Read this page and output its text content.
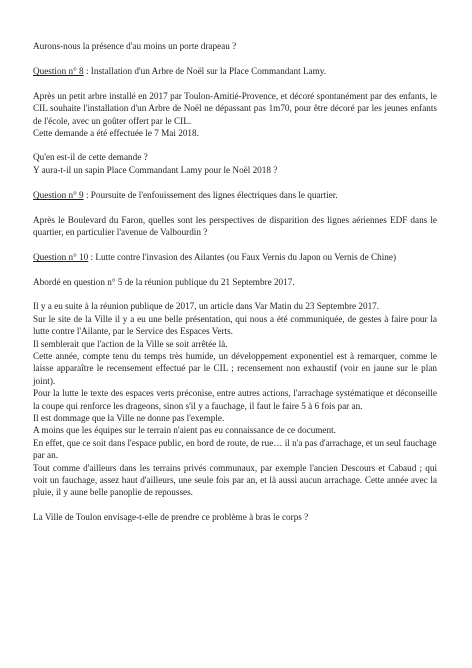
Aurons-nous la présence d'au moins un porte drapeau ?

Question n° 8 : Installation d'un Arbre de Noël sur la Place Commandant Lamy.

Après un petit arbre installé en 2017 par Toulon-Amitié-Provence, et décoré spontanément par des enfants, le CIL souhaite l'installation d'un Arbre de Noël ne dépassant pas 1m70, pour être décoré par les jeunes enfants de l'école, avec un goûter offert par le CIL.

Cette demande a été effectuée le 7 Mai 2018.

Qu'en est-il de cette demande ?

Y aura-t-il un sapin Place Commandant Lamy pour le Noël 2018 ?

Question n° 9 : Poursuite de l'enfouissement des lignes électriques dans le quartier.

Après le Boulevard du Faron, quelles sont les perspectives de disparition des lignes aériennes EDF dans le quartier, en particulier l'avenue de Valbourdin ?

Question n° 10 : Lutte contre l'invasion des Ailantes (ou Faux Vernis du Japon ou Vernis de Chine)

Abordé en question n° 5 de la réunion publique du 21 Septembre 2017.

Il y a eu suite à la réunion publique de 2017, un article dans Var Matin du 23 Septembre 2017.

Sur le site de la Ville il y a eu une belle présentation, qui nous a été communiquée, de gestes à faire pour la lutte contre l'Ailante, par le Service des Espaces Verts.

Il semblerait que l'action de la Ville se soit arrêtée là.

Cette année, compte tenu du temps très humide, un développement exponentiel est à remarquer, comme le laisse apparaître le recensement effectué par le CIL ; recensement non exhaustif (voir en jaune sur le plan joint).

Pour la lutte le texte des espaces verts préconise, entre autres actions, l'arrachage systématique et déconseille la coupe qui renforce les drageons, sinon s'il y a fauchage, il faut le faire 5 à 6 fois par an.

Il est dommage que la Ville ne donne pas l'exemple.

A moins que les équipes sur le terrain n'aient pas eu connaissance de ce document.

En effet, que ce soit dans l'espace public, en bord de route, de rue… il n'a pas d'arrachage, et un seul fauchage par an.

Tout comme d'ailleurs dans les terrains privés communaux, par exemple l'ancien Descours et Cabaud ; qui voit un fauchage, assez haut d'ailleurs, une seule fois par an, et là aussi aucun arrachage. Cette année avec la pluie, il y aune belle panoplie de repousses.

La Ville de Toulon envisage-t-elle de prendre ce problème à bras le corps ?
